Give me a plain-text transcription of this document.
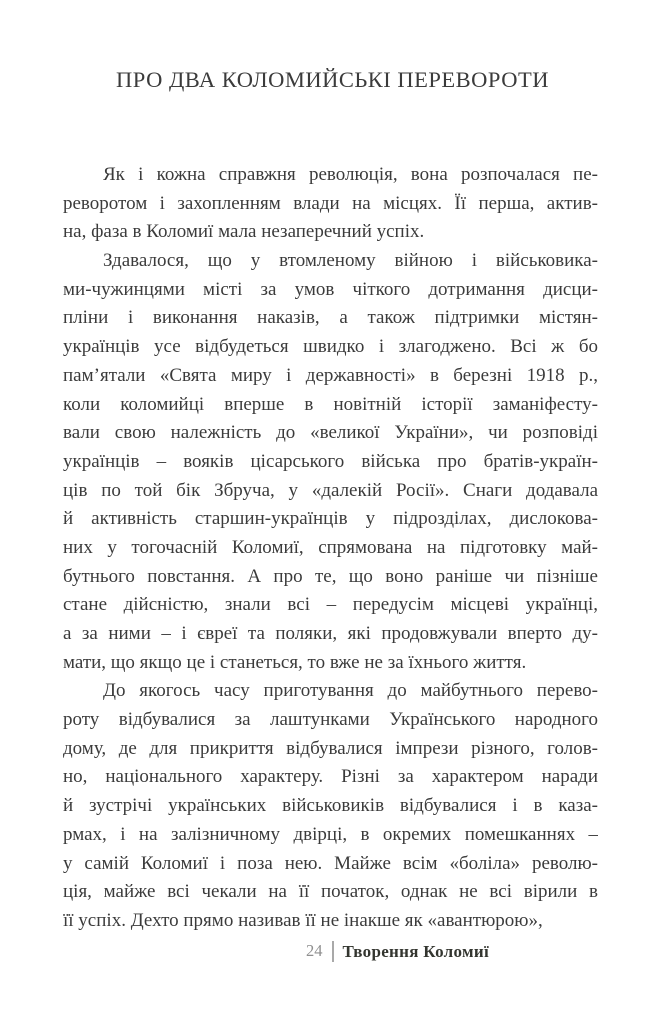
ПРО ДВА КОЛОМИЙСЬКІ ПЕРЕВОРОТИ
Як і кожна справжня революція, вона розпочалася пе-
реворотом і захопленням влади на місцях. Її перша, актив-
на, фаза в Коломиї мала незаперечний успіх.
Здавалося, що у втомленому війною і військовика-
ми-чужинцями місті за умов чіткого дотримання дисци-
пліни і виконання наказів, а також підтримки містян-
українців усе відбудеться швидко і злагоджено. Всі ж бо
пам’ятали «Свята миру і державності» в березні 1918 р.,
коли коломийці вперше в новітній історії заманіфесту-
вали свою належність до «великої України», чи розповіді
українців – вояків цісарського війська про братів-україн-
ців по той бік Збруча, у «далекій Росії». Снаги додавала
й активність старшин-українців у підрозділах, дислокова-
них у тогочасній Коломиї, спрямована на підготовку май-
бутнього повстання. А про те, що воно раніше чи пізніше
стане дійсністю, знали всі – передусім місцеві українці,
а за ними – і євреї та поляки, які продовжували вперто ду-
мати, що якщо це і станеться, то вже не за їхнього життя.
До якогось часу приготування до майбутнього перево-
роту відбувалися за лаштунками Українського народного
дому, де для прикриття відбувалися імпрези різного, голов-
но, національного характеру. Різні за характером наради
й зустрічі українських військовиків відбувалися і в каза-
рмах, і на залізничному двірці, в окремих помешканнях –
у самій Коломиї і поза нею. Майже всім «боліла» револю-
ція, майже всі чекали на її початок, однак не всі вірили в
її успіх. Дехто прямо називав її не інакше як «авантюрою»,
24	Творення Коломиї
